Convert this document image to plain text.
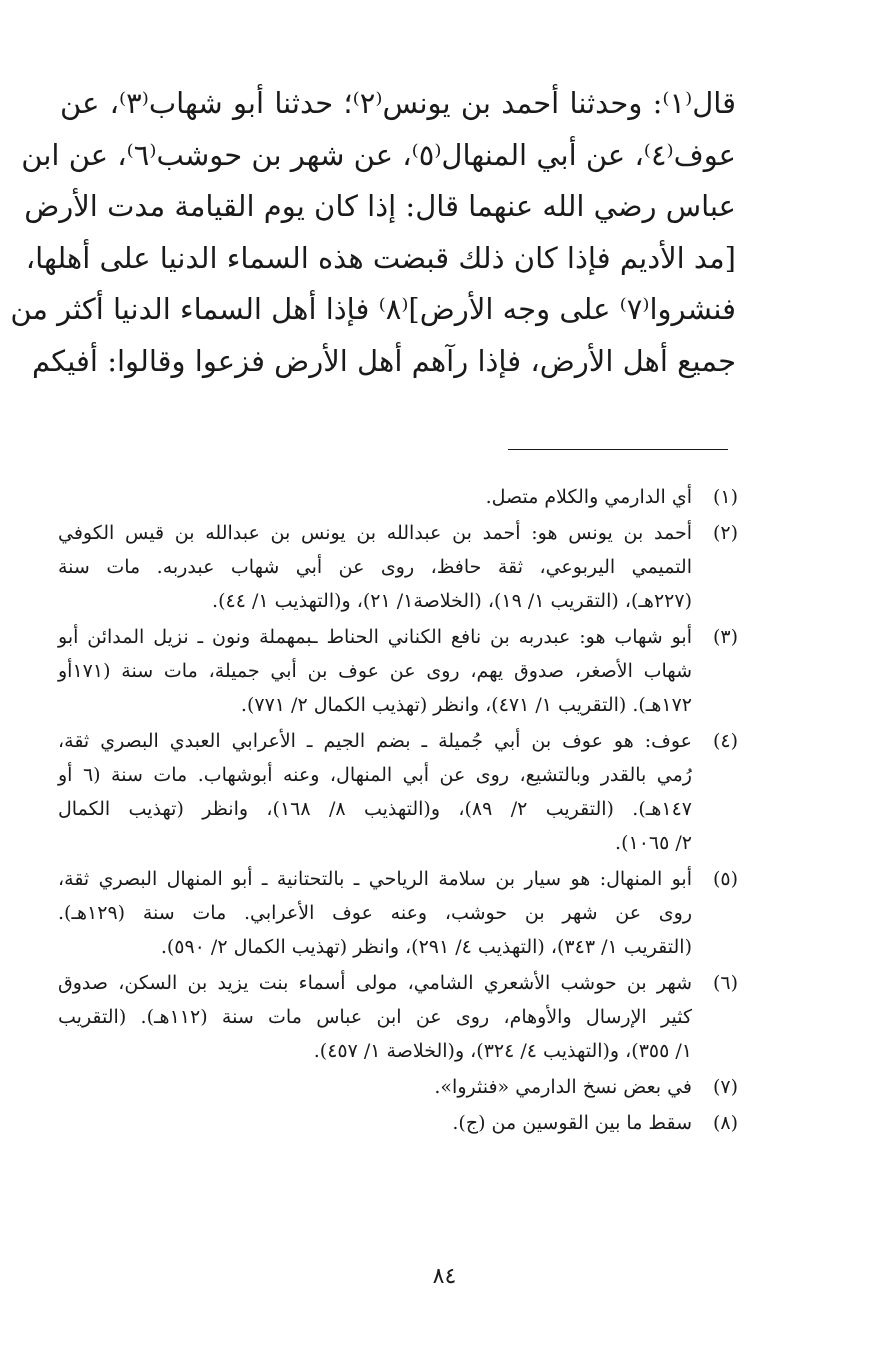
قال⁽١⁾: وحدثنا أحمد بن يونس⁽٢⁾؛ حدثنا أبو شهاب⁽٣⁾، عن
عوف⁽٤⁾، عن أبي المنهال⁽٥⁾، عن شهر بن حوشب⁽٦⁾، عن ابن
عباس رضي الله عنهما قال: إذا كان يوم القيامة مدت الأرض
[مد الأديم فإذا كان ذلك قبضت هذه السماء الدنيا على أهلها،
فنشروا⁽٧⁾ على وجه الأرض]⁽٨⁾ فإذا أهل السماء الدنيا أكثر من
جميع أهل الأرض، فإذا رآهم أهل الأرض فزعوا وقالوا: أفيكم
(١)
أي الدارمي والكلام متصل.
(٢)
أحمد بن يونس هو: أحمد بن عبدالله بن يونس بن عبدالله بن قيس الكوفي
التميمي اليربوعي، ثقة حافظ، روى عن أبي شهاب عبدربه. مات سنة
(٢٢٧هـ)، (التقريب ١/ ١٩)، (الخلاصة١/ ٢١)، و(التهذيب ١/ ٤٤).
(٣)
أبو شهاب هو: عبدربه بن نافع الكناني الحناط ـبمهملة ونون ـ نزيل المدائن أبو
شهاب الأصغر، صدوق يهم، روى عن عوف بن أبي جميلة، مات سنة (١٧١أو
١٧٢هـ). (التقريب ١/ ٤٧١)، وانظر (تهذيب الكمال ٢/ ٧٧١).
(٤)
عوف: هو عوف بن أبي جُميلة ـ بضم الجيم ـ الأعرابي العبدي البصري ثقة،
رُمي بالقدر وبالتشيع، روى عن أبي المنهال، وعنه أبوشهاب. مات سنة (٦ أو
١٤٧هـ). (التقريب ٢/ ٨٩)، و(التهذيب ٨/ ١٦٨)، وانظر (تهذيب الكمال
٢/ ١٠٦٥).
(٥)
أبو المنهال: هو سيار بن سلامة الرياحي ـ بالتحتانية ـ أبو المنهال البصري ثقة،
روى عن شهر بن حوشب، وعنه عوف الأعرابي. مات سنة (١٢٩هـ).
(التقريب ١/ ٣٤٣)، (التهذيب ٤/ ٢٩١)، وانظر (تهذيب الكمال ٢/ ٥٩٠).
(٦)
شهر بن حوشب الأشعري الشامي، مولى أسماء بنت يزيد بن السكن، صدوق
كثير الإرسال والأوهام، روى عن ابن عباس مات سنة (١١٢هـ). (التقريب
١/ ٣٥٥)، و(التهذيب ٤/ ٣٢٤)، و(الخلاصة ١/ ٤٥٧).
(٧)
في بعض نسخ الدارمي «فنثروا».
(٨)
سقط ما بين القوسين من (ج).
٨٤
